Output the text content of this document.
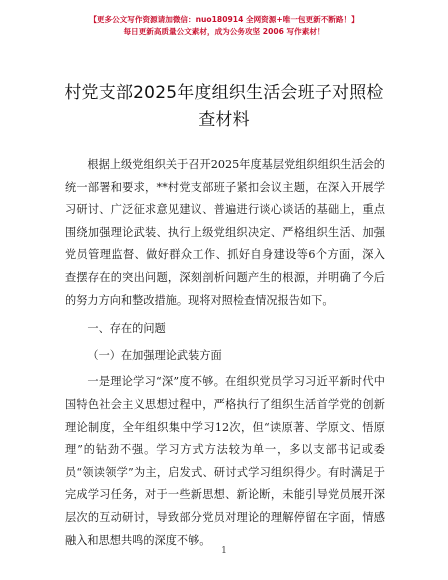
【更多公文写作资源请加微信：nuo180914 全网资源+唯一包更新不断路！】
每日更新高质量公文素材，成为公务攻坚 2006 写作素材！
村党支部2025年度组织生活会班子对照检查材料

根据上级党组织关于召开2025年度基层党组织组织生活会的统一部署和要求，**村党支部班子紧扣会议主题，在深入开展学习研讨、广泛征求意见建议、普遍进行谈心谈话的基础上，重点围绕加强理论武装、执行上级党组织决定、严格组织生活、加强党员管理监督、做好群众工作、抓好自身建设等6个方面，深入查摆存在的突出问题，深刻剖析问题产生的根源，并明确了今后的努力方向和整改措施。现将对照检查情况报告如下。

一、存在的问题

（一）在加强理论武装方面

一是理论学习“深”度不够。在组织党员学习习近平新时代中国特色社会主义思想过程中，严格执行了组织生活首学党的创新理论制度，全年组织集中学习12次，但“读原著、学原文、悟原理”的钻劲不强。学习方式方法较为单一，多以支部书记或委员“领读领学”为主，启发式、研讨式学习组织得少。有时满足于完成学习任务，对于一些新思想、新论断，未能引导党员展开深层次的互动研讨，导致部分党员对理论的理解停留在字面，情感融入和思想共鸣的深度不够。

1
